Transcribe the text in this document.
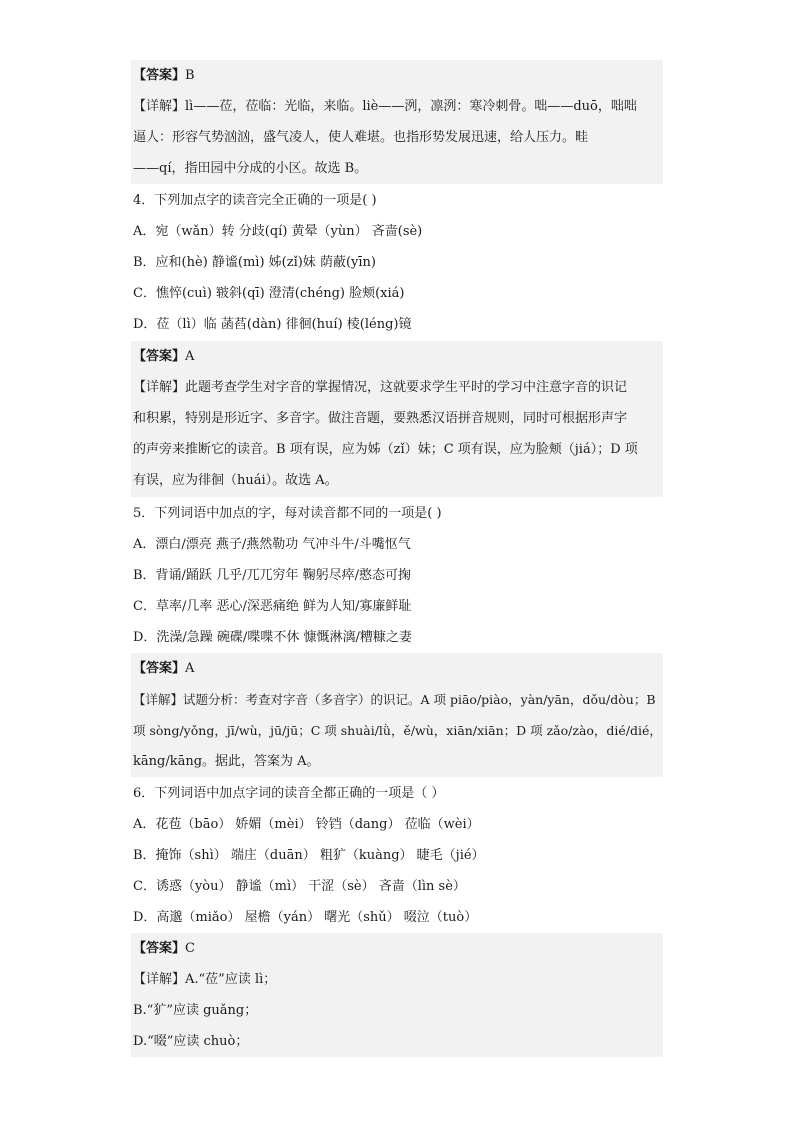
【答案】B
【详解】lì——莅，莅临：光临，来临。liè——洌，凛洌：寒冷刺骨。咄——duō，咄咄
逼人：形容气势汹汹，盛气凌人，使人难堪。也指形势发展迅速，给人压力。畦
——qí，指田园中分成的小区。故选 B。
4．下列加点字的读音完全正确的一项是( )
A．宛（wǎn）转 分歧(qí) 黄晕（yùn） 吝啬(sè)
B．应和(hè) 静谧(mì) 姊(zǐ)妹 荫蔽(yīn)
C．憔悴(cuì) 皲斜(qī) 澄清(chéng) 脸颊(xiá)
D．莅（lì）临 菡萏(dàn) 徘徊(huí) 棱(léng)镜
【答案】A
【详解】此题考查学生对字音的掌握情况，这就要求学生平时的学习中注意字音的识记
和积累，特别是形近字、多音字。做注音题，要熟悉汉语拼音规则，同时可根据形声字
的声旁来推断它的读音。B 项有误，应为姊（zǐ）妹；C 项有误，应为脸颊（jiá）；D 项
有误，应为徘徊（huái）。故选 A。
5．下列词语中加点的字，每对读音都不同的一项是( )
A．漂白/漂亮 燕子/燕然勒功 气冲斗牛/斗嘴怄气
B．背诵/踊跃 几乎/兀兀穷年 鞠躬尽瘁/憨态可掬
C．草率/几率 恶心/深恶痛绝 鲜为人知/寡廉鲜耻
D．洗澡/急躁 碗碟/喋喋不休 慷慨淋漓/糟糠之妻
【答案】A
【详解】试题分析：考查对字音（多音字）的识记。A 项 piāo/piào，yàn/yān，dǒu/dòu；B
项 sòng/yǒng，jī/wù，jū/jū；C 项 shuài/lǜ，ě/wù，xiān/xiān；D 项 zǎo/zào，dié/dié，
kāng/kāng。据此，答案为 A。
6．下列词语中加点字词的读音全都正确的一项是（ ）
A．花苞（bāo） 娇媚（mèi） 铃铛（dang） 莅临（wèi）
B．掩饰（shì） 端庄（duān） 粗犷（kuàng） 睫毛（jié）
C．诱惑（yòu） 静谧（mì） 干涩（sè） 吝啬（lìn sè）
D．高邈（miǎo） 屋檐（yán） 曙光（shǔ） 啜泣（tuò）
【答案】C
【详解】A.“莅”应读 lì；
B.“犷”应读 guǎng；
D.“啜”应读 chuò；
